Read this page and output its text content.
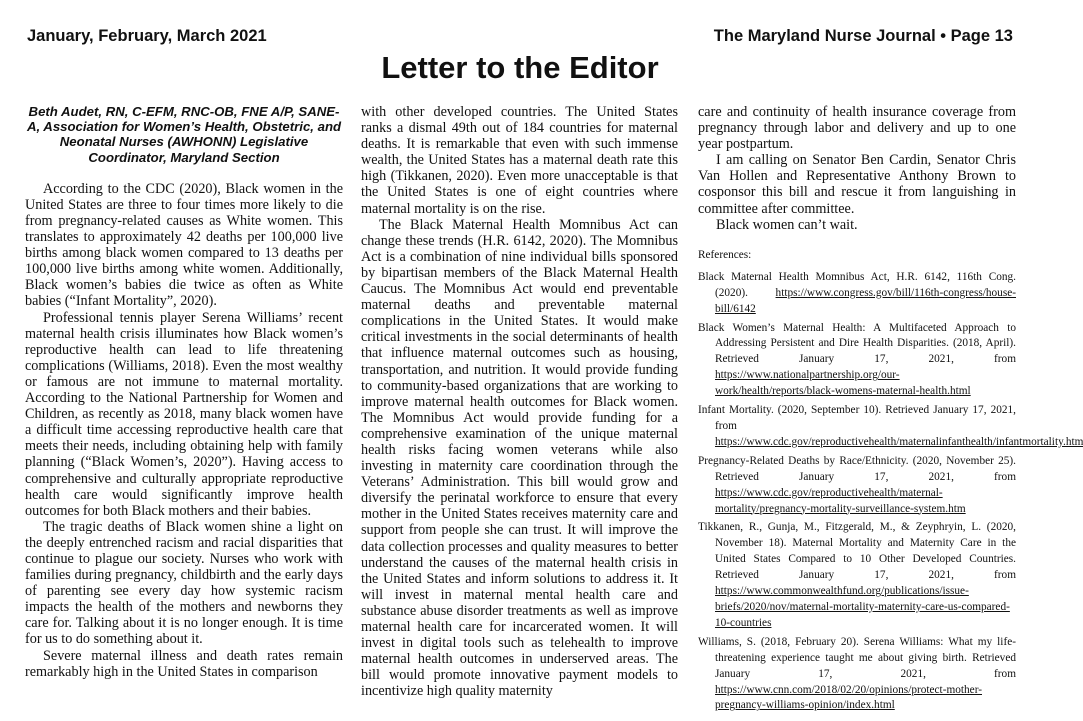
January, February, March 2021	The Maryland Nurse Journal • Page 13
Letter to the Editor
Beth Audet, RN, C-EFM, RNC-OB, FNE A/P, SANE-A, Association for Women’s Health, Obstetric, and Neonatal Nurses (AWHONN) Legislative Coordinator, Maryland Section

According to the CDC (2020), Black women in the United States are three to four times more likely to die from pregnancy-related causes as White women. This translates to approximately 42 deaths per 100,000 live births among black women compared to 13 deaths per 100,000 live births among white women. Additionally, Black women’s babies die twice as often as White babies (“Infant Mortality”, 2020).

Professional tennis player Serena Williams’ recent maternal health crisis illuminates how Black women’s reproductive health can lead to life threatening complications (Williams, 2018). Even the most wealthy or famous are not immune to maternal mortality. According to the National Partnership for Women and Children, as recently as 2018, many black women have a difficult time accessing reproductive health care that meets their needs, including obtaining help with family planning (“Black Women’s, 2020”). Having access to comprehensive and culturally appropriate reproductive health care would significantly improve health outcomes for both Black mothers and their babies.

The tragic deaths of Black women shine a light on the deeply entrenched racism and racial disparities that continue to plague our society. Nurses who work with families during pregnancy, childbirth and the early days of parenting see every day how systemic racism impacts the health of the mothers and newborns they care for. Talking about it is no longer enough. It is time for us to do something about it.

Severe maternal illness and death rates remain remarkably high in the United States in comparison

with other developed countries. The United States ranks a dismal 49th out of 184 countries for maternal deaths. It is remarkable that even with such immense wealth, the United States has a maternal death rate this high (Tikkanen, 2020). Even more unacceptable is that the United States is one of eight countries where maternal mortality is on the rise.

The Black Maternal Health Momnibus Act can change these trends (H.R. 6142, 2020). The Momnibus Act is a combination of nine individual bills sponsored by bipartisan members of the Black Maternal Health Caucus. The Momnibus Act would end preventable maternal deaths and preventable maternal complications in the United States. It would make critical investments in the social determinants of health that influence maternal outcomes such as housing, transportation, and nutrition. It would provide funding to community-based organizations that are working to improve maternal health outcomes for Black women. The Momnibus Act would provide funding for a comprehensive examination of the unique maternal health risks facing women veterans while also investing in maternity care coordination through the Veterans’ Administration. This bill would grow and diversify the perinatal workforce to ensure that every mother in the United States receives maternity care and support from people she can trust. It will improve the data collection processes and quality measures to better understand the causes of the maternal health crisis in the United States and inform solutions to address it. It will invest in maternal mental health care and substance abuse disorder treatments as well as improve maternal health care for incarcerated women. It will invest in digital tools such as telehealth to improve maternal health outcomes in underserved areas. The bill would promote innovative payment models to incentivize high quality maternity

care and continuity of health insurance coverage from pregnancy through labor and delivery and up to one year postpartum.

I am calling on Senator Ben Cardin, Senator Chris Van Hollen and Representative Anthony Brown to cosponsor this bill and rescue it from languishing in committee after committee.

Black women can’t wait.

References:
Black Maternal Health Momnibus Act, H.R. 6142, 116th Cong. (2020). https://www.congress.gov/bill/116th-congress/house-bill/6142
Black Women’s Maternal Health: A Multifaceted Approach to Addressing Persistent and Dire Health Disparities. (2018, April). Retrieved January 17, 2021, from https://www.nationalpartnership.org/our-work/health/reports/black-womens-maternal-health.html
Infant Mortality. (2020, September 10). Retrieved January 17, 2021, from https://www.cdc.gov/reproductivehealth/maternalinfanthealth/infantmortality.htm
Pregnancy-Related Deaths by Race/Ethnicity. (2020, November 25). Retrieved January 17, 2021, from https://www.cdc.gov/reproductivehealth/maternal-mortality/pregnancy-mortality-surveillance-system.htm
Tikkanen, R., Gunja, M., Fitzgerald, M., & Zeyphryin, L. (2020, November 18). Maternal Mortality and Maternity Care in the United States Compared to 10 Other Developed Countries. Retrieved January 17, 2021, from https://www.commonwealthfund.org/publications/issue-briefs/2020/nov/maternal-mortality-maternity-care-us-compared-10-countries
Williams, S. (2018, February 20). Serena Williams: What my life-threatening experience taught me about giving birth. Retrieved January 17, 2021, from https://www.cnn.com/2018/02/20/opinions/protect-mother-pregnancy-williams-opinion/index.html
